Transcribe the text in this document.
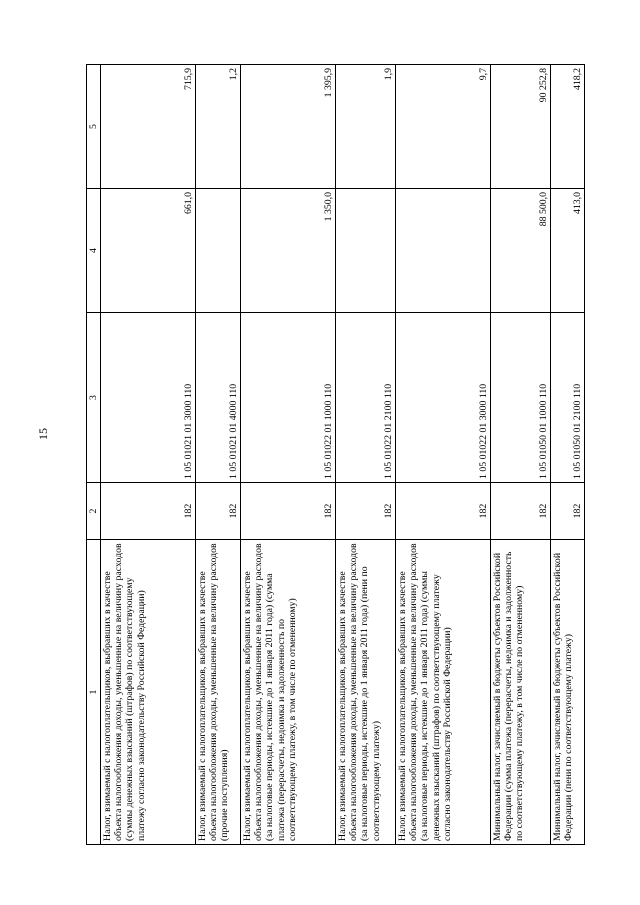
15
1	2	3	4	5
Налог, взимаемый с налогоплательщиков, выбравших в качестве объекта налогообложения доходы, уменьшенные на величину расходов (суммы денежных взысканий (штрафов) по соответствующему платежу согласно законодательству Российской Федерации)	182	1 05 01021 01 3000 110	661,0	715,9
Налог, взимаемый с налогоплательщиков, выбравших в качестве объекта налогообложения доходы, уменьшенные на величину расходов (прочие поступления)	182	1 05 01021 01 4000 110		1,2
Налог, взимаемый с налогоплательщиков, выбравших в качестве объекта налогообложения доходы, уменьшенные на величину расходов (за налоговые периоды, истекшие до 1 января 2011 года) (сумма платежа (перерасчеты, недоимка и задолженность по соответствующему платежу, в том числе по отмененному)	182	1 05 01022 01 1000 110	1 350,0	1 395,9
Налог, взимаемый с налогоплательщиков, выбравших в качестве объекта налогообложения доходы, уменьшенные на величину расходов (за налоговые периоды, истекшие до 1 января 2011 года) (пени по соответствующему платежу)	182	1 05 01022 01 2100 110		1,9
Налог, взимаемый с налогоплательщиков, выбравших в качестве объекта налогообложения доходы, уменьшенные на величину расходов (за налоговые периоды, истекшие до 1 января 2011 года) (суммы денежных взысканий (штрафов) по соответствующему платежу согласно законодательству Российской Федерации)	182	1 05 01022 01 3000 110		9,7
Минимальный налог, зачисляемый в бюджеты субъектов Российской Федерации (сумма платежа (перерасчеты, недоимка и задолженность по соответствующему платежу, в том числе по отмененному)	182	1 05 01050 01 1000 110	88 500,0	90 252,8
Минимальный налог, зачисляемый в бюджеты субъектов Российской Федерации (пени по соответствующему платежу)	182	1 05 01050 01 2100 110	413,0	418,2
